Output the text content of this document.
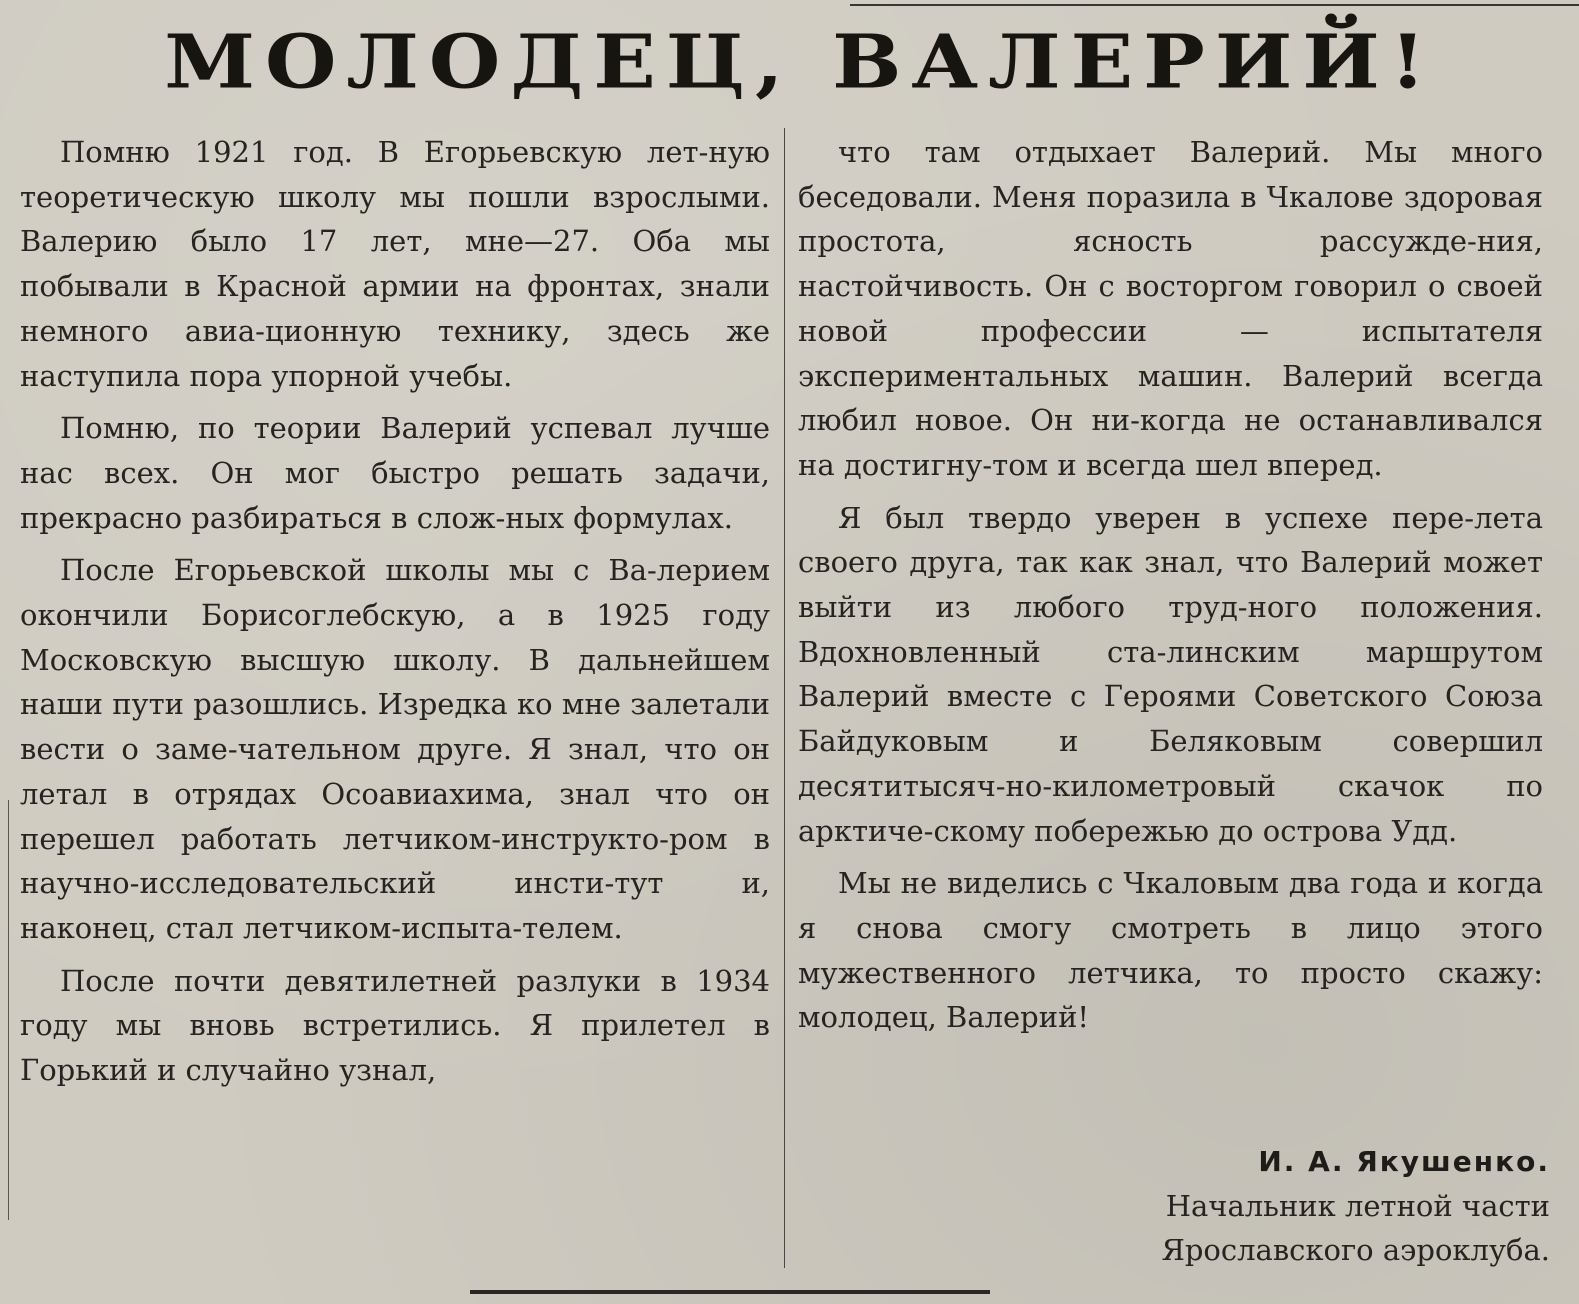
МОЛОДЕЦ, ВАЛЕРИЙ!

Помню 1921 год. В Егорьевскую лет-ную теоретическую школу мы пошли взрослыми. Валерию было 17 лет, мне—27. Оба мы побывали в Красной армии на фронтах, знали немного авиа-ционную технику, здесь же наступила пора упорной учебы.

Помню, по теории Валерий успевал лучше нас всех. Он мог быстро решать задачи, прекрасно разбираться в слож-ных формулах.

После Егорьевской школы мы с Ва-лерием окончили Борисоглебскую, а в 1925 году Московскую высшую школу. В дальнейшем наши пути разошлись. Изредка ко мне залетали вести о заме-чательном друге. Я знал, что он летал в отрядах Осоавиахима, знал что он перешел работать летчиком-инструкто-ром в научно-исследовательский инсти-тут и, наконец, стал летчиком-испыта-телем.

После почти девятилетней разлуки в 1934 году мы вновь встретились. Я прилетел в Горький и случайно узнал,

что там отдыхает Валерий. Мы много беседовали. Меня поразила в Чкалове здоровая простота, ясность рассужде-ния, настойчивость. Он с восторгом говорил о своей новой профессии — испытателя экспериментальных машин. Валерий всегда любил новое. Он ни-когда не останавливался на достигну-том и всегда шел вперед.

Я был твердо уверен в успехе пере-лета своего друга, так как знал, что Валерий может выйти из любого труд-ного положения. Вдохновленный ста-линским маршрутом Валерий вместе с Героями Советского Союза Байдуковым и Беляковым совершил десятитысяч-но-километровый скачок по арктиче-скому побережью до острова Удд.

Мы не виделись с Чкаловым два года и когда я снова смогу смотреть в лицо этого мужественного летчика, то просто скажу: молодец, Валерий!

И. А. Якушенко.
Начальник летной части
Ярославского аэроклуба.
